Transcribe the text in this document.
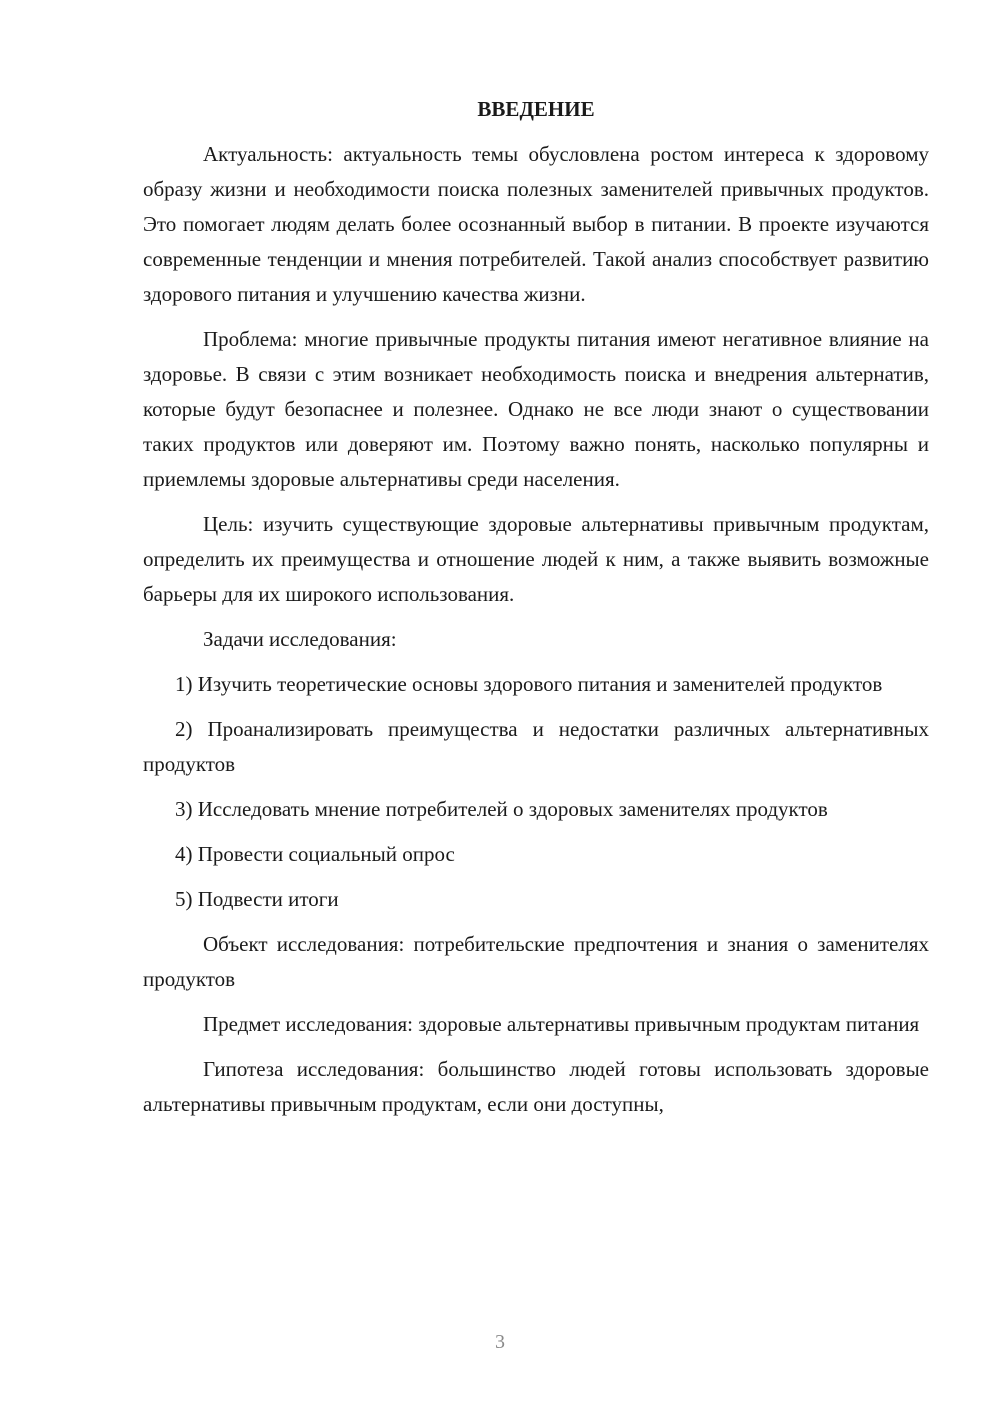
ВВЕДЕНИЕ

Актуальность: актуальность темы обусловлена ростом интереса к здоровому образу жизни и необходимости поиска полезных заменителей привычных продуктов. Это помогает людям делать более осознанный выбор в питании. В проекте изучаются современные тенденции и мнения потребителей. Такой анализ способствует развитию здорового питания и улучшению качества жизни.

Проблема: многие привычные продукты питания имеют негативное влияние на здоровье. В связи с этим возникает необходимость поиска и внедрения альтернатив, которые будут безопаснее и полезнее. Однако не все люди знают о существовании таких продуктов или доверяют им. Поэтому важно понять, насколько популярны и приемлемы здоровые альтернативы среди населения.

Цель: изучить существующие здоровые альтернативы привычным продуктам, определить их преимущества и отношение людей к ним, а также выявить возможные барьеры для их широкого использования.

Задачи исследования:

1) Изучить теоретические основы здорового питания и заменителей продуктов

2) Проанализировать преимущества и недостатки различных альтернативных продуктов

3) Исследовать мнение потребителей о здоровых заменителях продуктов

4) Провести социальный опрос

5) Подвести итоги

Объект исследования: потребительские предпочтения и знания о заменителях продуктов

Предмет исследования: здоровые альтернативы привычным продуктам питания

Гипотеза исследования: большинство людей готовы использовать здоровые альтернативы привычным продуктам, если они доступны,

3
